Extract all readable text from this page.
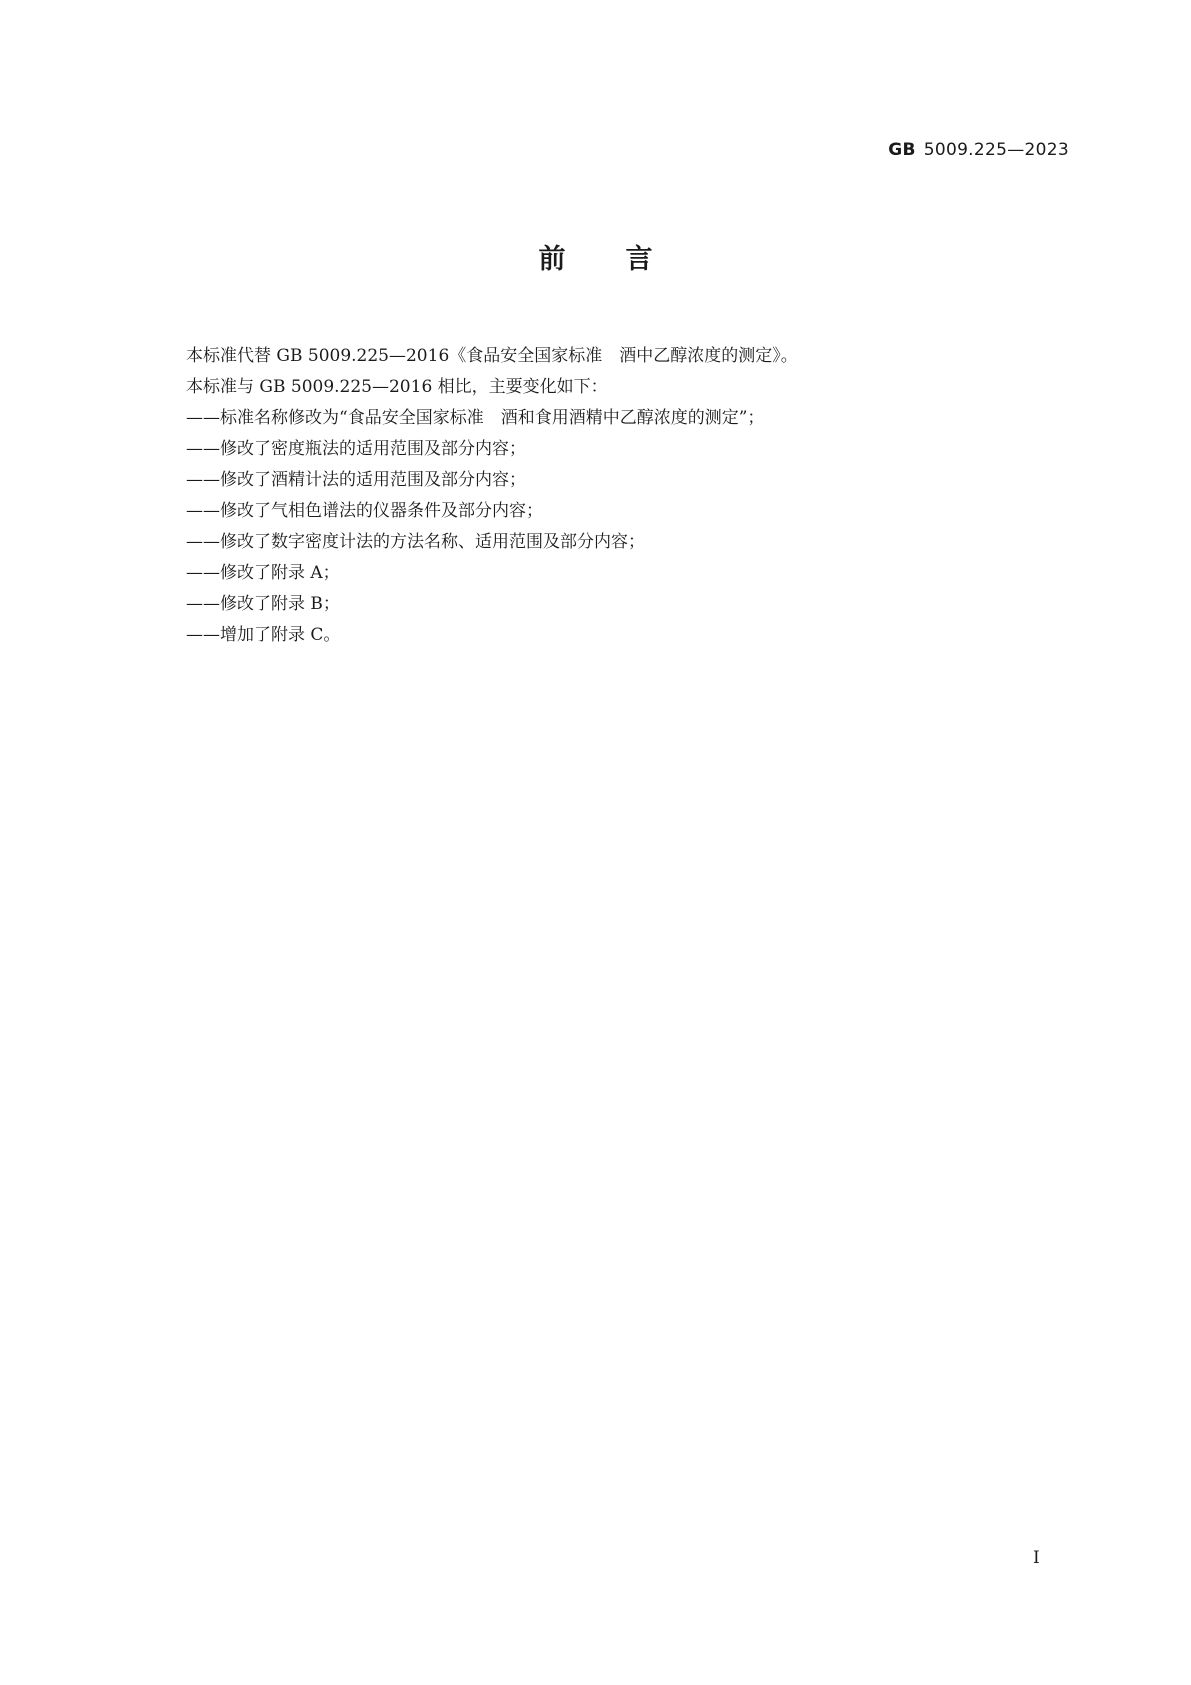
GB 5009.225—2023
前言

本标准代替 GB 5009.225—2016《食品安全国家标准　酒中乙醇浓度的测定》。

本标准与 GB 5009.225—2016 相比，主要变化如下：

——标准名称修改为“食品安全国家标准　酒和食用酒精中乙醇浓度的测定”；

——修改了密度瓶法的适用范围及部分内容；

——修改了酒精计法的适用范围及部分内容；

——修改了气相色谱法的仪器条件及部分内容；

——修改了数字密度计法的方法名称、适用范围及部分内容；

——修改了附录 A；

——修改了附录 B；

——增加了附录 C。

I
